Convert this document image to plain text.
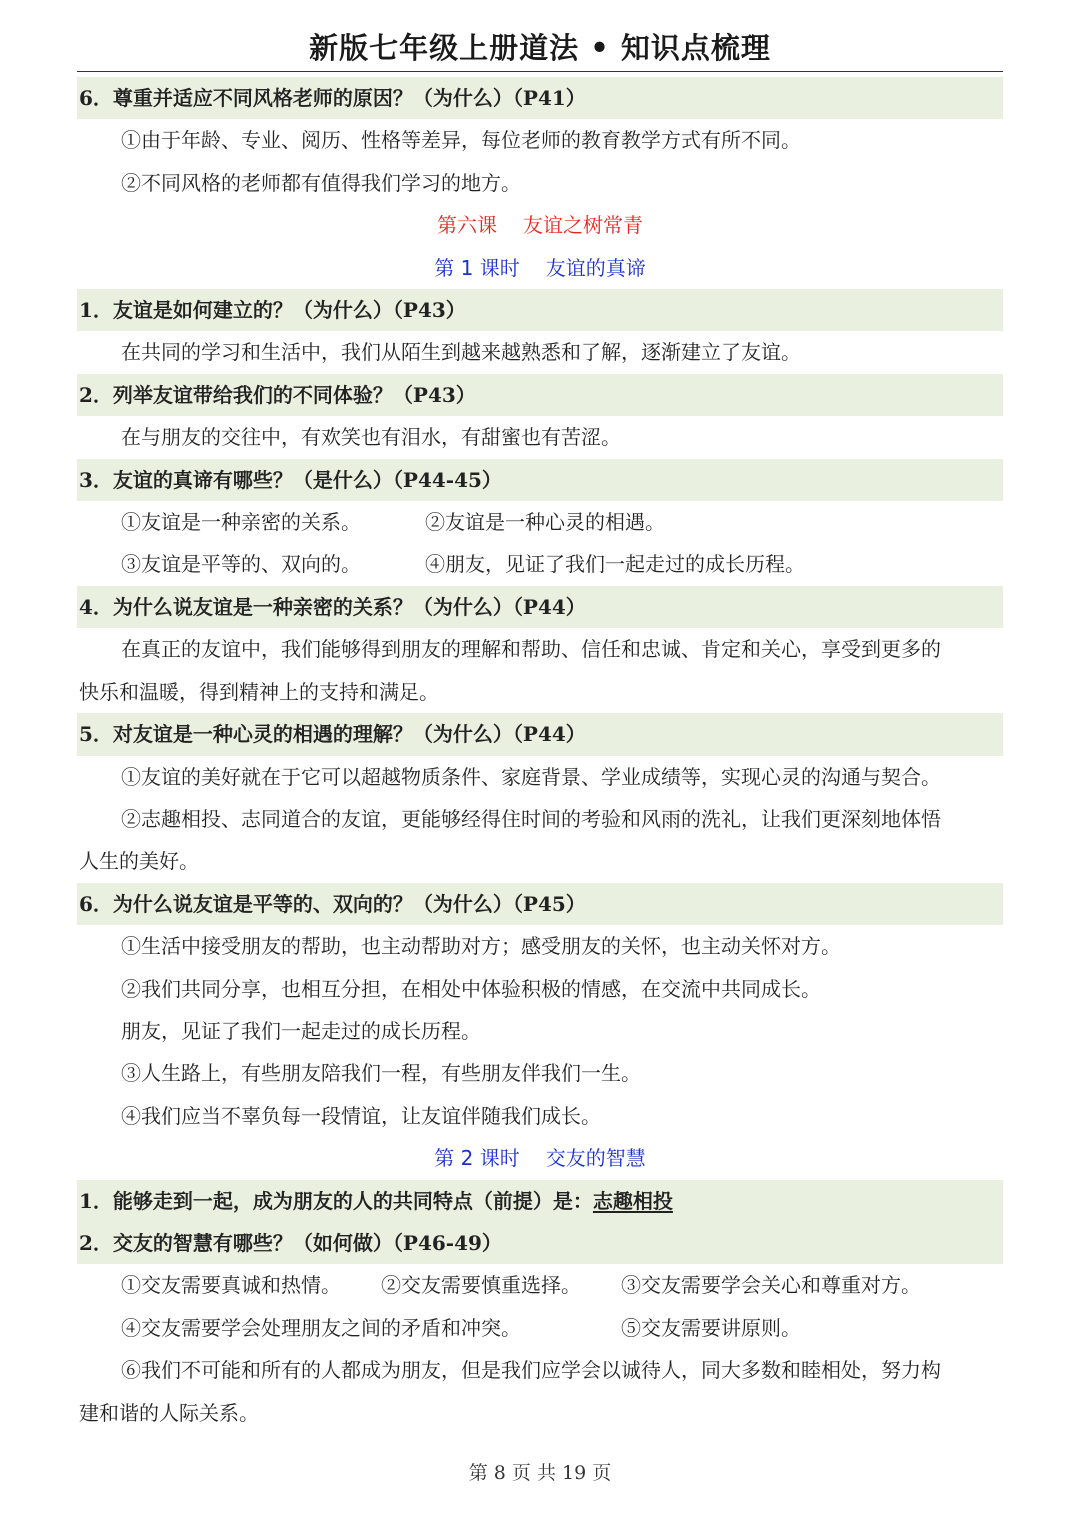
新版七年级上册道法 • 知识点梳理
6．尊重并适应不同风格老师的原因？（为什么）（P41）
①由于年龄、专业、阅历、性格等差异，每位老师的教育教学方式有所不同。
②不同风格的老师都有值得我们学习的地方。
第六课 友谊之树常青
第 1 课时 友谊的真谛
1．友谊是如何建立的？（为什么）（P43）
在共同的学习和生活中，我们从陌生到越来越熟悉和了解，逐渐建立了友谊。
2．列举友谊带给我们的不同体验？（P43）
在与朋友的交往中，有欢笑也有泪水，有甜蜜也有苦涩。
3．友谊的真谛有哪些？（是什么）（P44-45）
①友谊是一种亲密的关系。	②友谊是一种心灵的相遇。
③友谊是平等的、双向的。	④朋友，见证了我们一起走过的成长历程。
4．为什么说友谊是一种亲密的关系？（为什么）（P44）
在真正的友谊中，我们能够得到朋友的理解和帮助、信任和忠诚、肯定和关心，享受到更多的
快乐和温暖，得到精神上的支持和满足。
5．对友谊是一种心灵的相遇的理解？（为什么）（P44）
①友谊的美好就在于它可以超越物质条件、家庭背景、学业成绩等，实现心灵的沟通与契合。
②志趣相投、志同道合的友谊，更能够经得住时间的考验和风雨的洗礼，让我们更深刻地体悟
人生的美好。
6．为什么说友谊是平等的、双向的？（为什么）（P45）
①生活中接受朋友的帮助，也主动帮助对方；感受朋友的关怀，也主动关怀对方。
②我们共同分享，也相互分担，在相处中体验积极的情感，在交流中共同成长。
朋友，见证了我们一起走过的成长历程。
③人生路上，有些朋友陪我们一程，有些朋友伴我们一生。
④我们应当不辜负每一段情谊，让友谊伴随我们成长。
第 2 课时 交友的智慧
1．能够走到一起，成为朋友的人的共同特点（前提）是：志趣相投
2．交友的智慧有哪些？（如何做）（P46-49）
①交友需要真诚和热情。 ②交友需要慎重选择。 ③交友需要学会关心和尊重对方。
④交友需要学会处理朋友之间的矛盾和冲突。	⑤交友需要讲原则。
⑥我们不可能和所有的人都成为朋友，但是我们应学会以诚待人，同大多数和睦相处，努力构
建和谐的人际关系。
第 8 页 共 19 页
